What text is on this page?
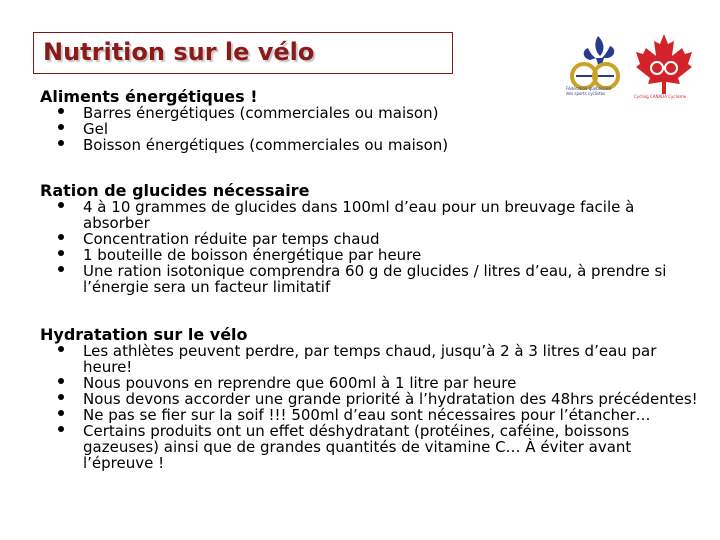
Nutrition sur le vélo
Fédération québécoise
des sports cyclistes
Cycling CANADA Cyclisme
Aliments énergétiques !
Barres énergétiques (commerciales ou maison)
Gel
Boisson énergétiques (commerciales ou maison)
Ration de glucides nécessaire
4 à 10 grammes de glucides dans 100ml d’eau pour un breuvage facile à absorber
Concentration réduite par temps chaud
1 bouteille de boisson énergétique par heure
Une ration isotonique comprendra 60 g de glucides / litres d’eau, à prendre si l’énergie sera un facteur limitatif
Hydratation sur le vélo
Les athlètes peuvent perdre, par temps chaud, jusqu’à 2 à 3 litres d’eau par heure!
Nous pouvons en reprendre que 600ml à 1 litre par heure
Nous devons accorder une grande priorité à l’hydratation des 48hrs précédentes!
Ne pas se fier sur la soif !!! 500ml d’eau sont nécessaires pour l’étancher…
Certains produits ont un effet déshydratant (protéines, caféine, boissons gazeuses) ainsi que de grandes quantités de vitamine C… À éviter avant l’épreuve !
